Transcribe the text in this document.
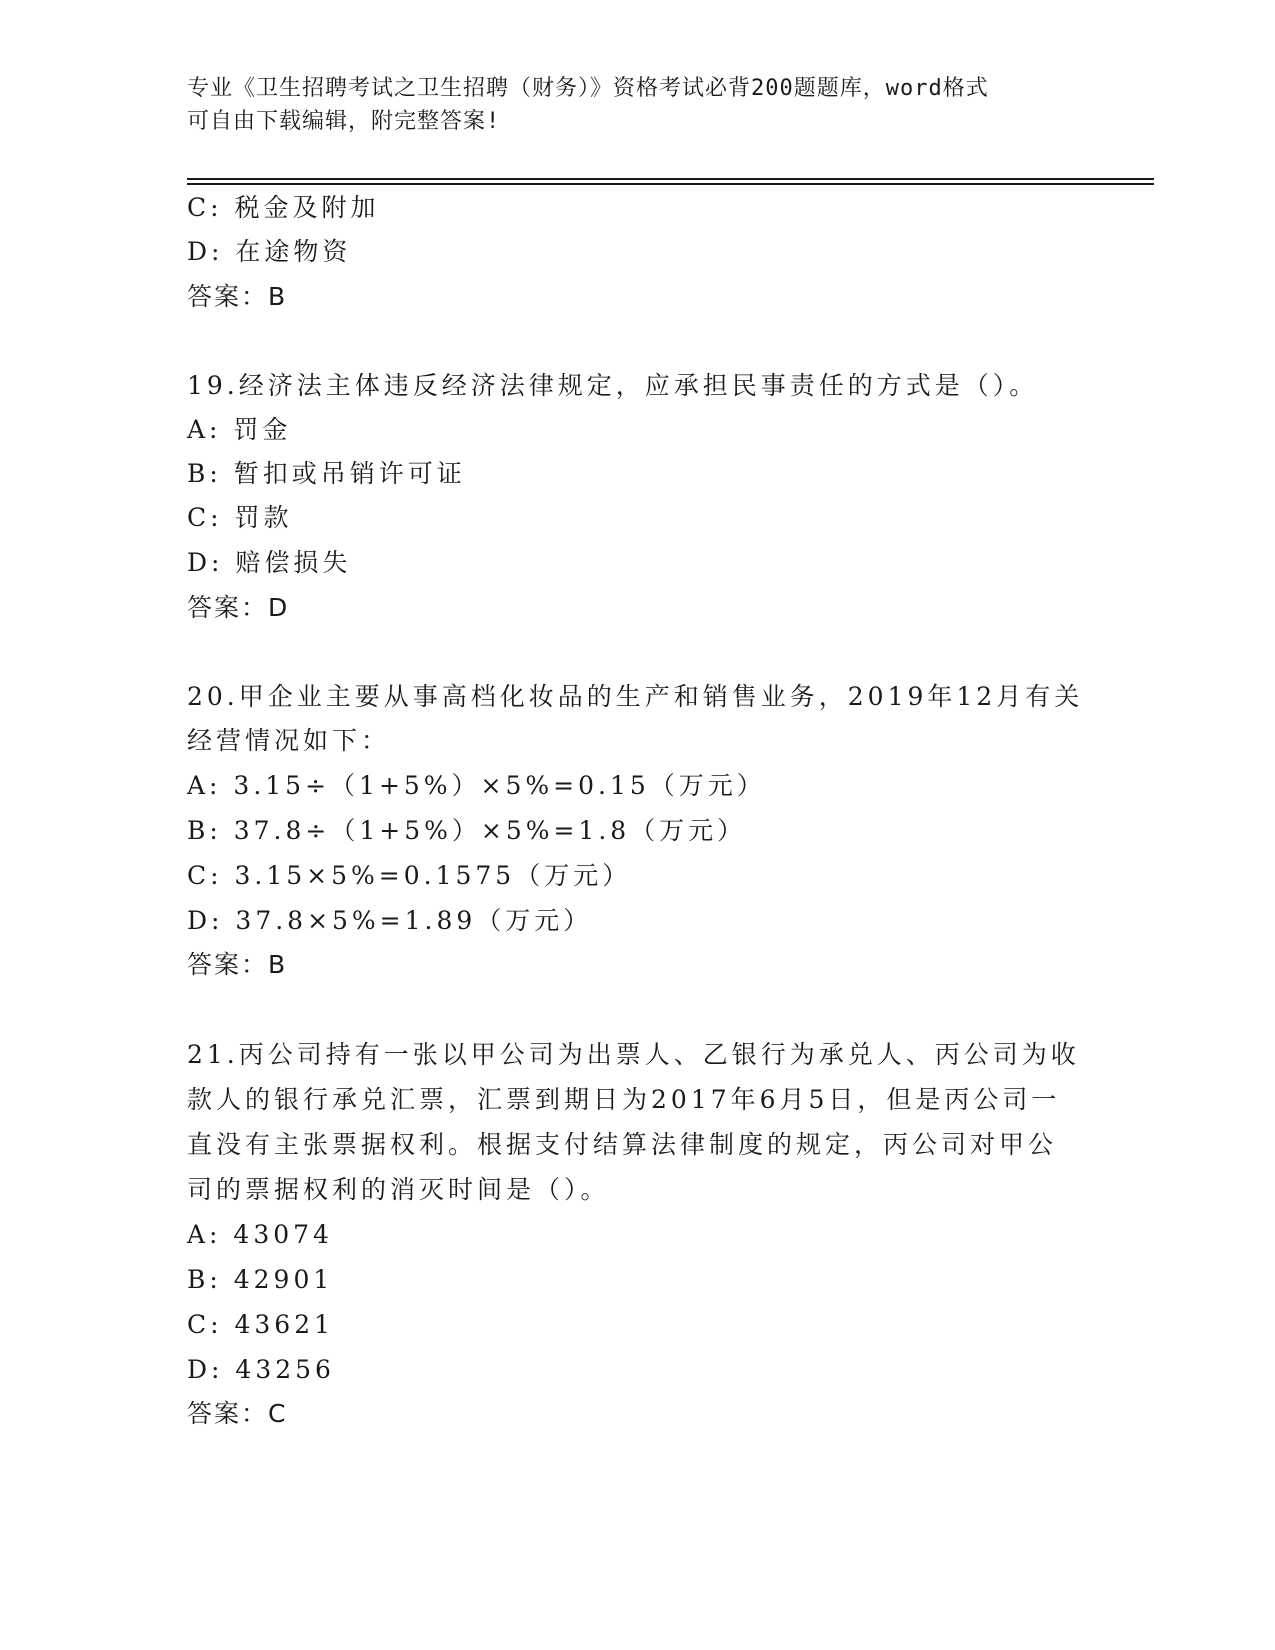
专业《卫生招聘考试之卫生招聘（财务）》资格考试必背200题题库，word格式
可自由下载编辑，附完整答案!
C: 税金及附加
D: 在途物资
答案：B
19.经济法主体违反经济法律规定，应承担民事责任的方式是（）。
A: 罚金
B: 暂扣或吊销许可证
C: 罚款
D: 赔偿损失
答案：D
20.甲企业主要从事高档化妆品的生产和销售业务，2019年12月有关
经营情况如下：
A: 3.15÷（1+5%）×5%=0.15（万元）
B: 37.8÷（1+5%）×5%=1.8（万元）
C: 3.15×5%=0.1575（万元）
D: 37.8×5%=1.89（万元）
答案：B
21.丙公司持有一张以甲公司为出票人、乙银行为承兑人、丙公司为收
款人的银行承兑汇票，汇票到期日为2017年6月5日，但是丙公司一
直没有主张票据权利。根据支付结算法律制度的规定，丙公司对甲公
司的票据权利的消灭时间是（）。
A: 43074
B: 42901
C: 43621
D: 43256
答案：C
